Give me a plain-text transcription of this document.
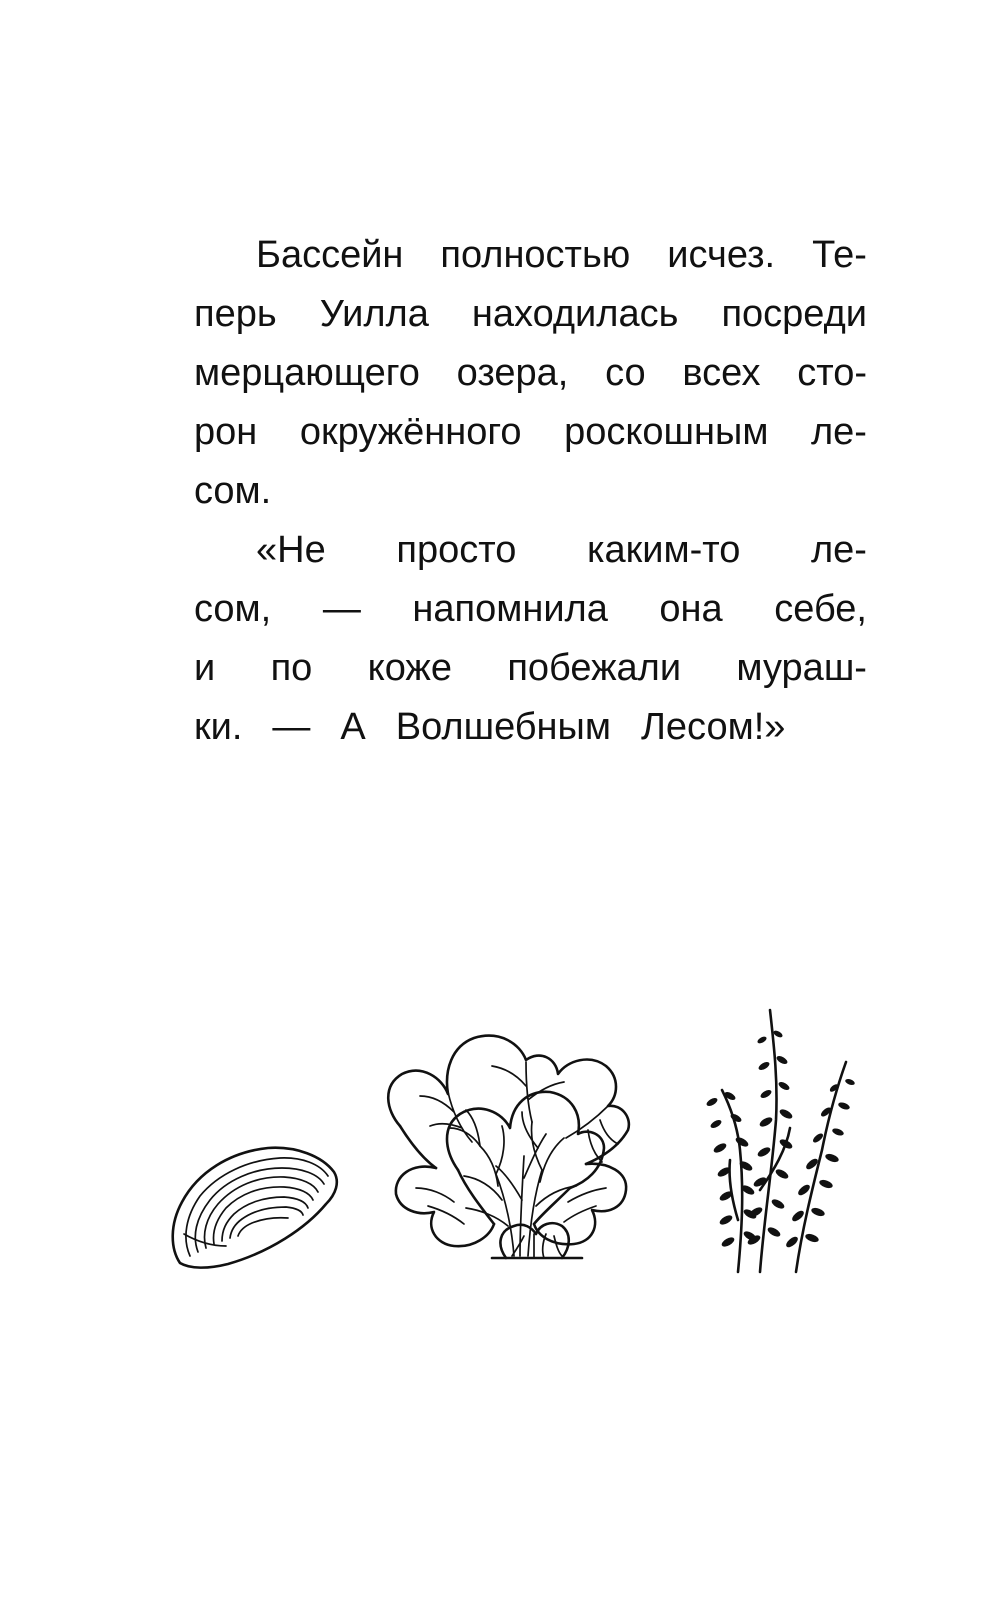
Бассейн полностью исчез. Те-
перь Уилла находилась посреди
мерцающего озера, со всех сто-
рон окружённого роскошным ле-
сом.
«Не просто каким-то ле-
сом, — напомнила она себе,
и по коже побежали мураш-
ки. — А Волшебным Лесом!»
